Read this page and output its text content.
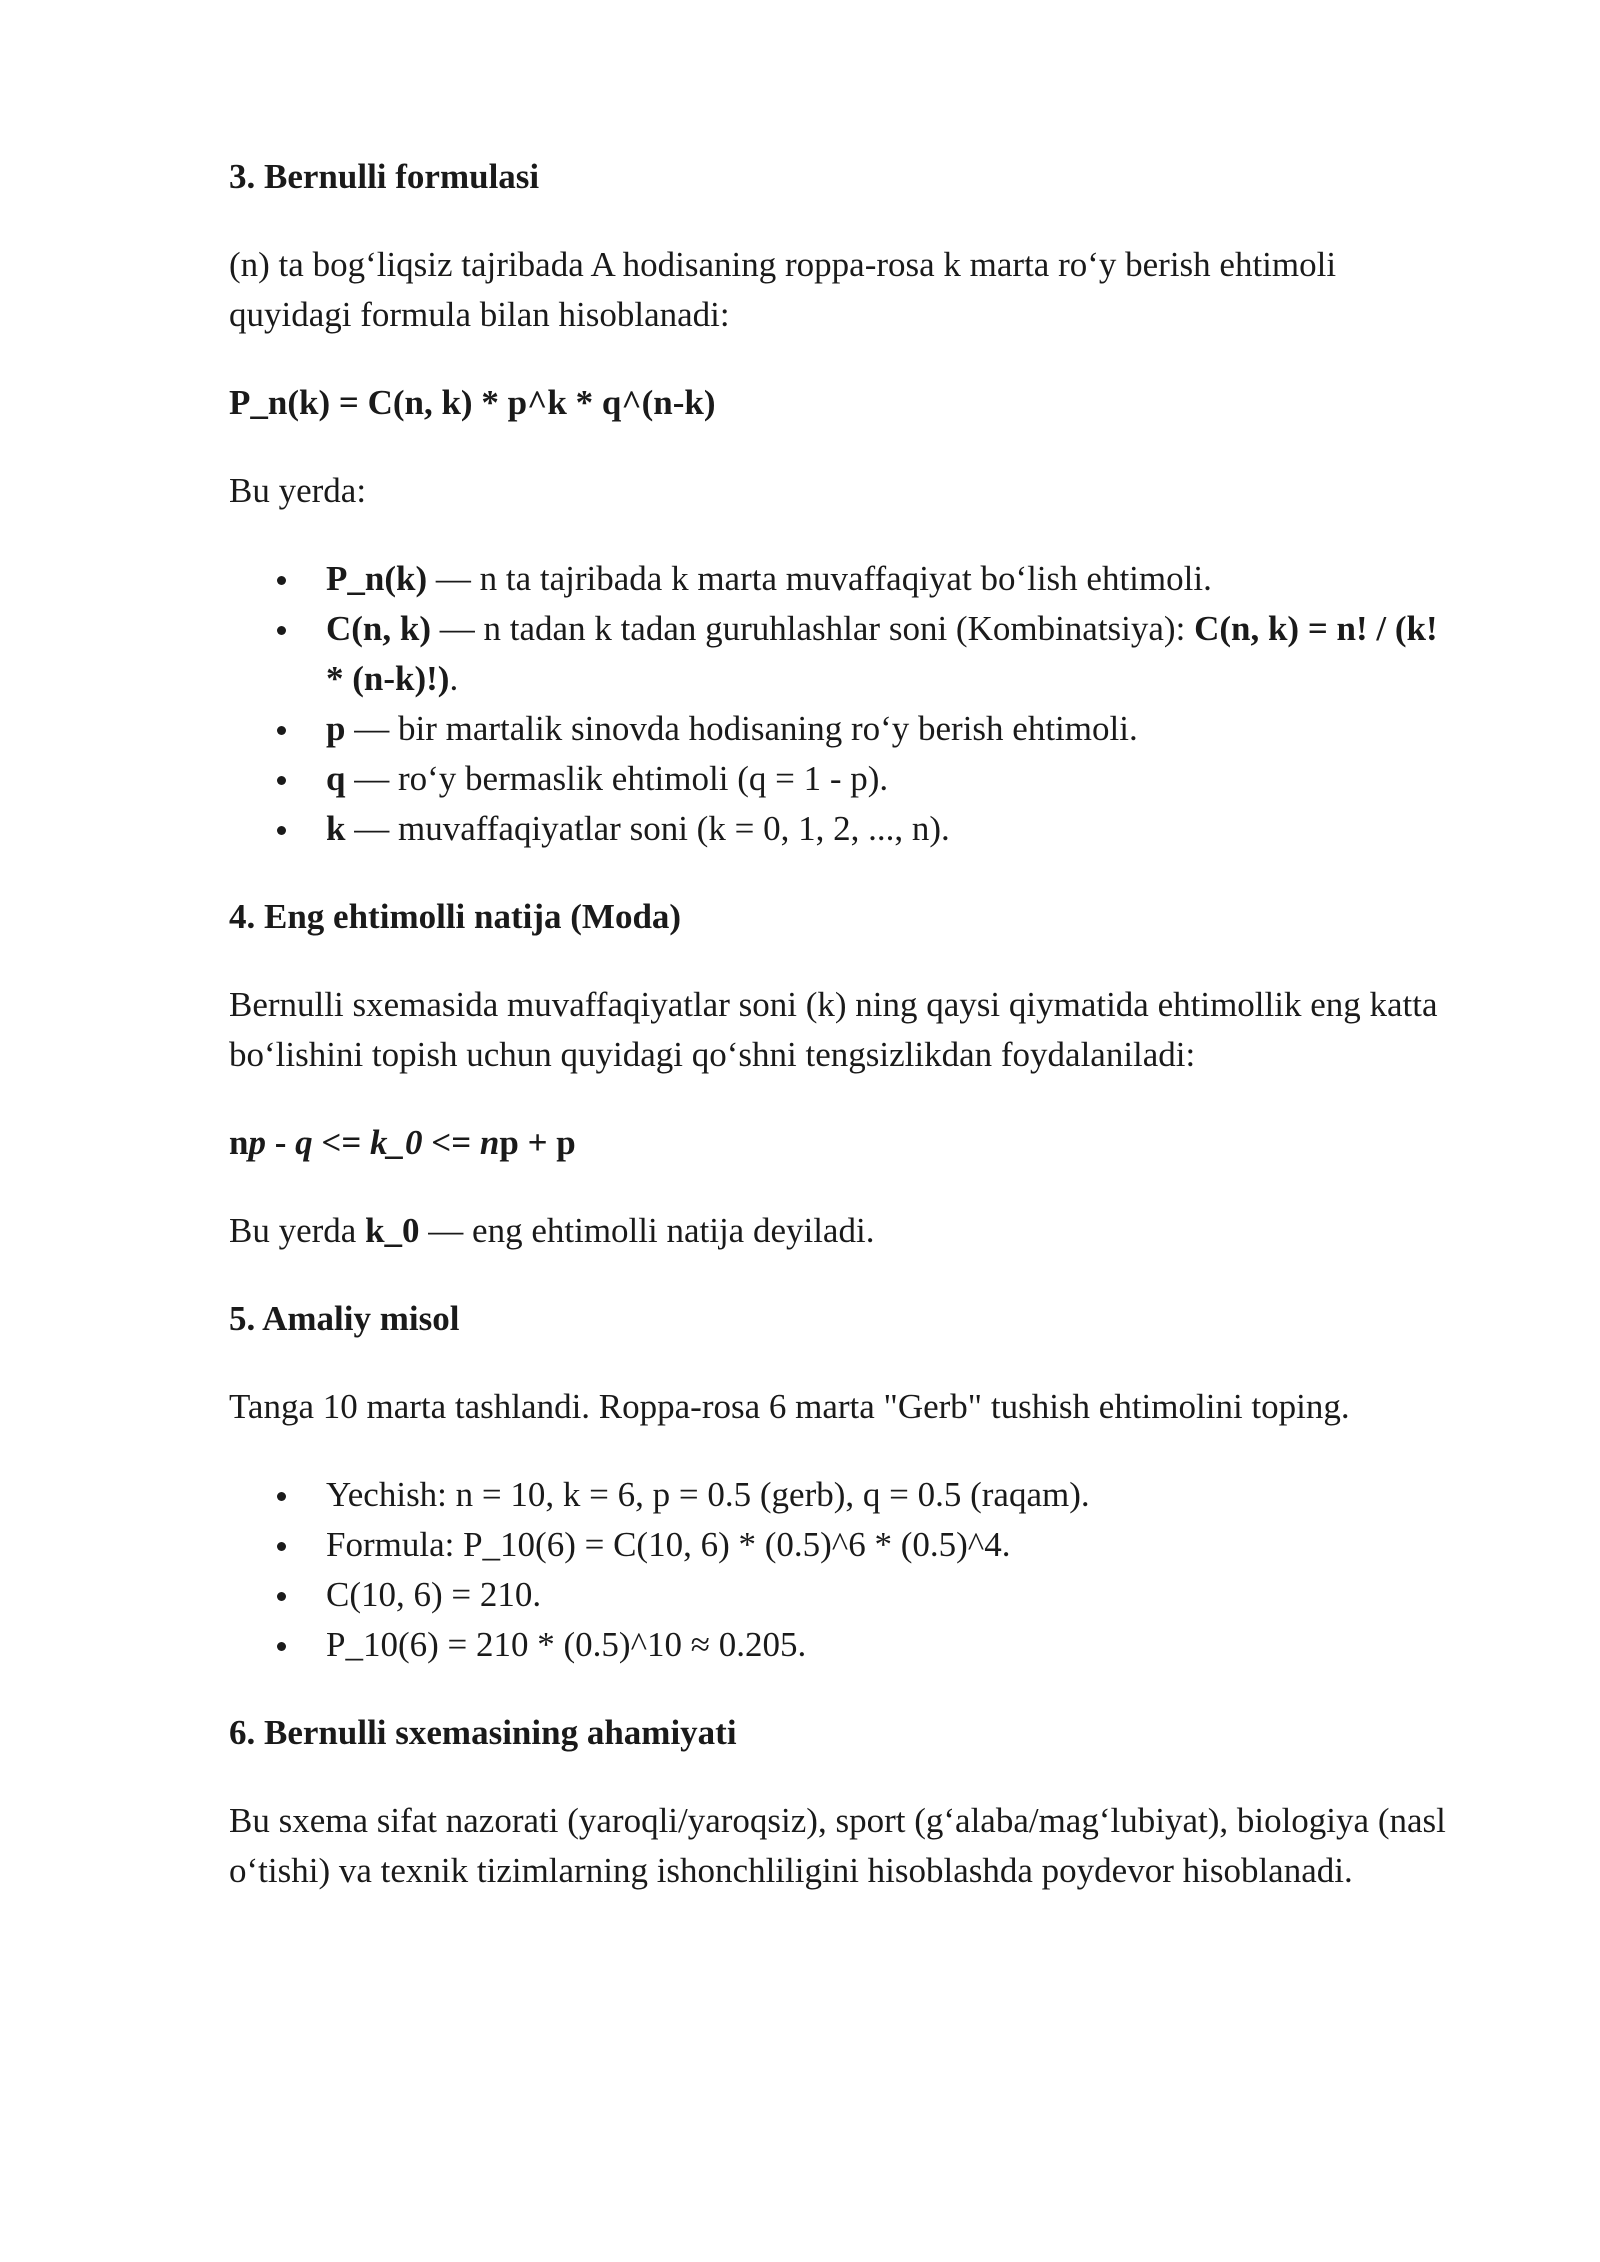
3. Bernulli formulasi
(n) ta bog‘liqsiz tajribada A hodisaning roppa-rosa k marta ro‘y berish ehtimoli quyidagi formula bilan hisoblanadi:
P_n(k) = C(n, k) * p^k * q^(n-k)
Bu yerda:
P_n(k) — n ta tajribada k marta muvaffaqiyat bo‘lish ehtimoli.
C(n, k) — n tadan k tadan guruhlashlar soni (Kombinatsiya): C(n, k) = n! / (k! * (n-k)!).
p — bir martalik sinovda hodisaning ro‘y berish ehtimoli.
q — ro‘y bermaslik ehtimoli (q = 1 - p).
k — muvaffaqiyatlar soni (k = 0, 1, 2, ..., n).
4. Eng ehtimolli natija (Moda)
Bernulli sxemasida muvaffaqiyatlar soni (k) ning qaysi qiymatida ehtimollik eng katta bo‘lishini topish uchun quyidagi qo‘shni tengsizlikdan foydalaniladi:
np - q <= k_0 <= np + p
Bu yerda k_0 — eng ehtimolli natija deyiladi.
5. Amaliy misol
Tanga 10 marta tashlandi. Roppa-rosa 6 marta "Gerb" tushish ehtimolini toping.
Yechish: n = 10, k = 6, p = 0.5 (gerb), q = 0.5 (raqam).
Formula: P_10(6) = C(10, 6) * (0.5)^6 * (0.5)^4.
C(10, 6) = 210.
P_10(6) = 210 * (0.5)^10 ≈ 0.205.
6. Bernulli sxemasining ahamiyati
Bu sxema sifat nazorati (yaroqli/yaroqsiz), sport (g‘alaba/mag‘lubiyat), biologiya (nasl o‘tishi) va texnik tizimlarning ishonchliligini hisoblashda poydevor hisoblanadi.
